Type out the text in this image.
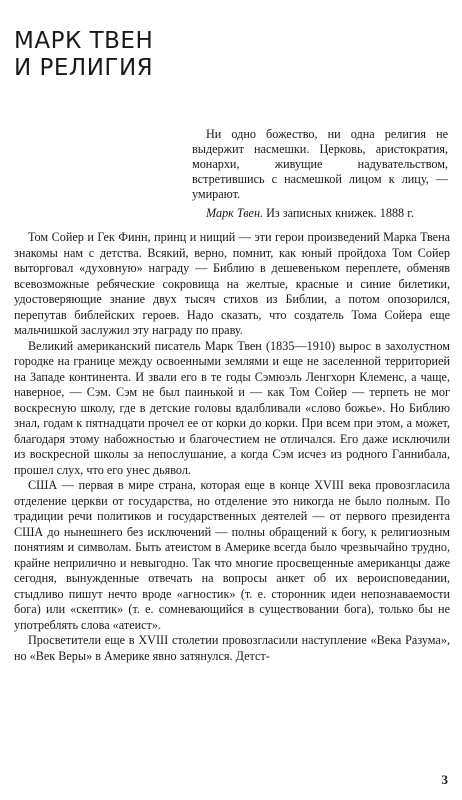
МАРК ТВЕН
И РЕЛИГИЯ

Ни одно божество, ни одна религия не выдержит насмешки. Церковь, аристократия, монархи, живущие надувательством, встретившись с насмешкой лицом к лицу, — умирают.

Марк Твен. Из записных книжек. 1888 г.

Том Сойер и Гек Финн, принц и нищий — эти герои произведений Марка Твена знакомы нам с детства. Всякий, верно, помнит, как юный пройдоха Том Сойер выторговал «духовную» награду — Библию в дешевеньком переплете, обменяв всевозможные ребяческие сокровища на желтые, красные и синие билетики, удостоверяющие знание двух тысяч стихов из Библии, а потом опозорился, перепутав библейских героев. Надо сказать, что создатель Тома Сойера еще мальчишкой заслужил эту награду по праву.

Великий американский писатель Марк Твен (1835—1910) вырос в захолустном городке на границе между освоенными землями и еще не заселенной территорией на Западе континента. И звали его в те годы Сэмюэль Ленгхорн Клеменс, а чаще, наверное, — Сэм. Сэм не был паинькой и — как Том Сойер — терпеть не мог воскресную школу, где в детские головы вдалбливали «слово божье». Но Библию знал, годам к пятнадцати прочел ее от корки до корки. При всем при этом, а может, благодаря этому набожностью и благочестием не отличался. Его даже исключили из воскресной школы за непослушание, а когда Сэм исчез из родного Ганнибала, прошел слух, что его унес дьявол.

США — первая в мире страна, которая еще в конце XVIII века провозгласила отделение церкви от государства, но отделение это никогда не было полным. По традиции речи политиков и государственных деятелей — от первого президента США до нынешнего без исключений — полны обращений к богу, к религиозным понятиям и символам. Быть атеистом в Америке всегда было чрезвычайно трудно, крайне неприлично и невыгодно. Так что многие просвещенные американцы даже сегодня, вынужденные отвечать на вопросы анкет об их вероисповедании, стыдливо пишут нечто вроде «агностик» (т. е. сторонник идеи непознаваемости бога) или «скептик» (т. е. сомневающийся в существовании бога), только бы не употреблять слова «атеист».

Просветители еще в XVIII столетии провозгласили наступление «Века Разума», но «Век Веры» в Америке явно затянулся. Детст-

3
